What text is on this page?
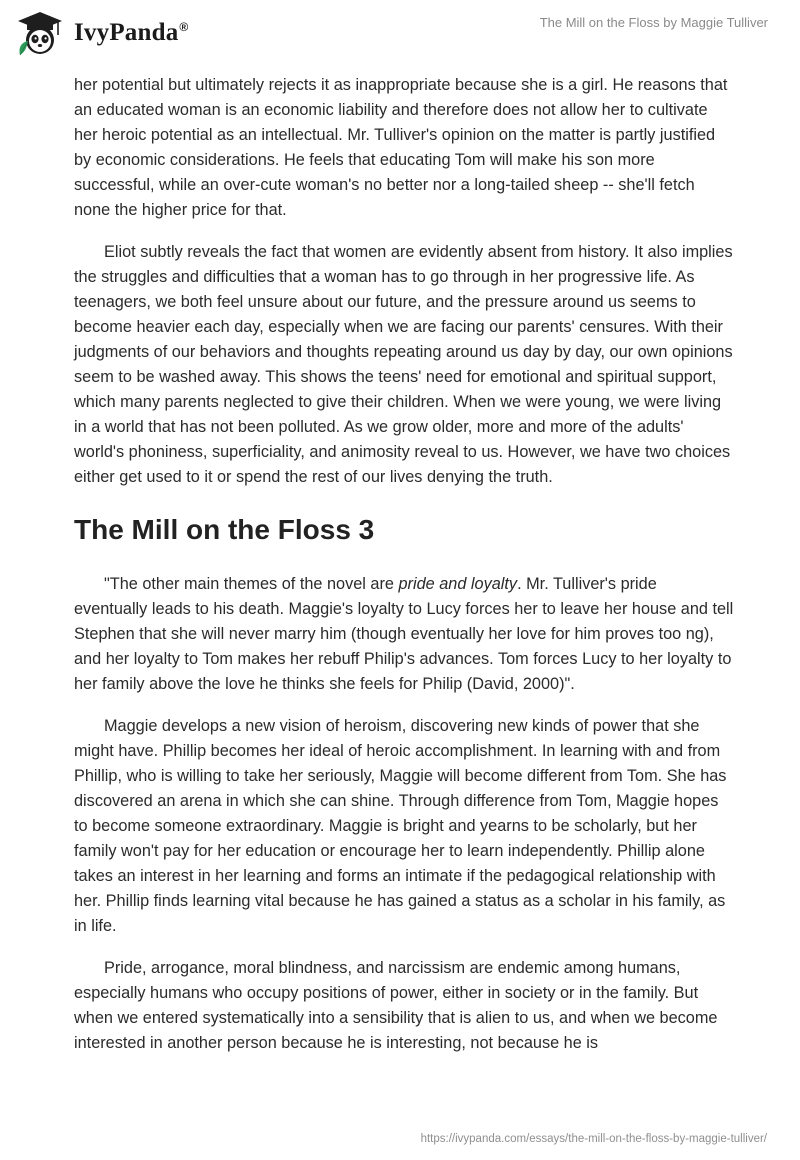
IvyPanda®	The Mill on the Floss by Maggie Tulliver

her potential but ultimately rejects it as inappropriate because she is a girl. He reasons that an educated woman is an economic liability and therefore does not allow her to cultivate her heroic potential as an intellectual. Mr. Tulliver's opinion on the matter is partly justified by economic considerations. He feels that educating Tom will make his son more successful, while an over-cute woman's no better nor a long-tailed sheep -- she'll fetch none the higher price for that.

Eliot subtly reveals the fact that women are evidently absent from history. It also implies the struggles and difficulties that a woman has to go through in her progressive life. As teenagers, we both feel unsure about our future, and the pressure around us seems to become heavier each day, especially when we are facing our parents' censures. With their judgments of our behaviors and thoughts repeating around us day by day, our own opinions seem to be washed away. This shows the teens' need for emotional and spiritual support, which many parents neglected to give their children. When we were young, we were living in a world that has not been polluted. As we grow older, more and more of the adults' world's phoniness, superficiality, and animosity reveal to us. However, we have two choices either get used to it or spend the rest of our lives denying the truth.

The Mill on the Floss 3

"The other main themes of the novel are pride and loyalty. Mr. Tulliver's pride eventually leads to his death. Maggie's loyalty to Lucy forces her to leave her house and tell Stephen that she will never marry him (though eventually her love for him proves too ng), and her loyalty to Tom makes her rebuff Philip's advances. Tom forces Lucy to her loyalty to her family above the love he thinks she feels for Philip (David, 2000)".

Maggie develops a new vision of heroism, discovering new kinds of power that she might have. Phillip becomes her ideal of heroic accomplishment. In learning with and from Phillip, who is willing to take her seriously, Maggie will become different from Tom. She has discovered an arena in which she can shine. Through difference from Tom, Maggie hopes to become someone extraordinary. Maggie is bright and yearns to be scholarly, but her family won't pay for her education or encourage her to learn independently. Phillip alone takes an interest in her learning and forms an intimate if the pedagogical relationship with her. Phillip finds learning vital because he has gained a status as a scholar in his family, as in life.

Pride, arrogance, moral blindness, and narcissism are endemic among humans, especially humans who occupy positions of power, either in society or in the family. But when we entered systematically into a sensibility that is alien to us, and when we become interested in another person because he is interesting, not because he is

https://ivypanda.com/essays/the-mill-on-the-floss-by-maggie-tulliver/
